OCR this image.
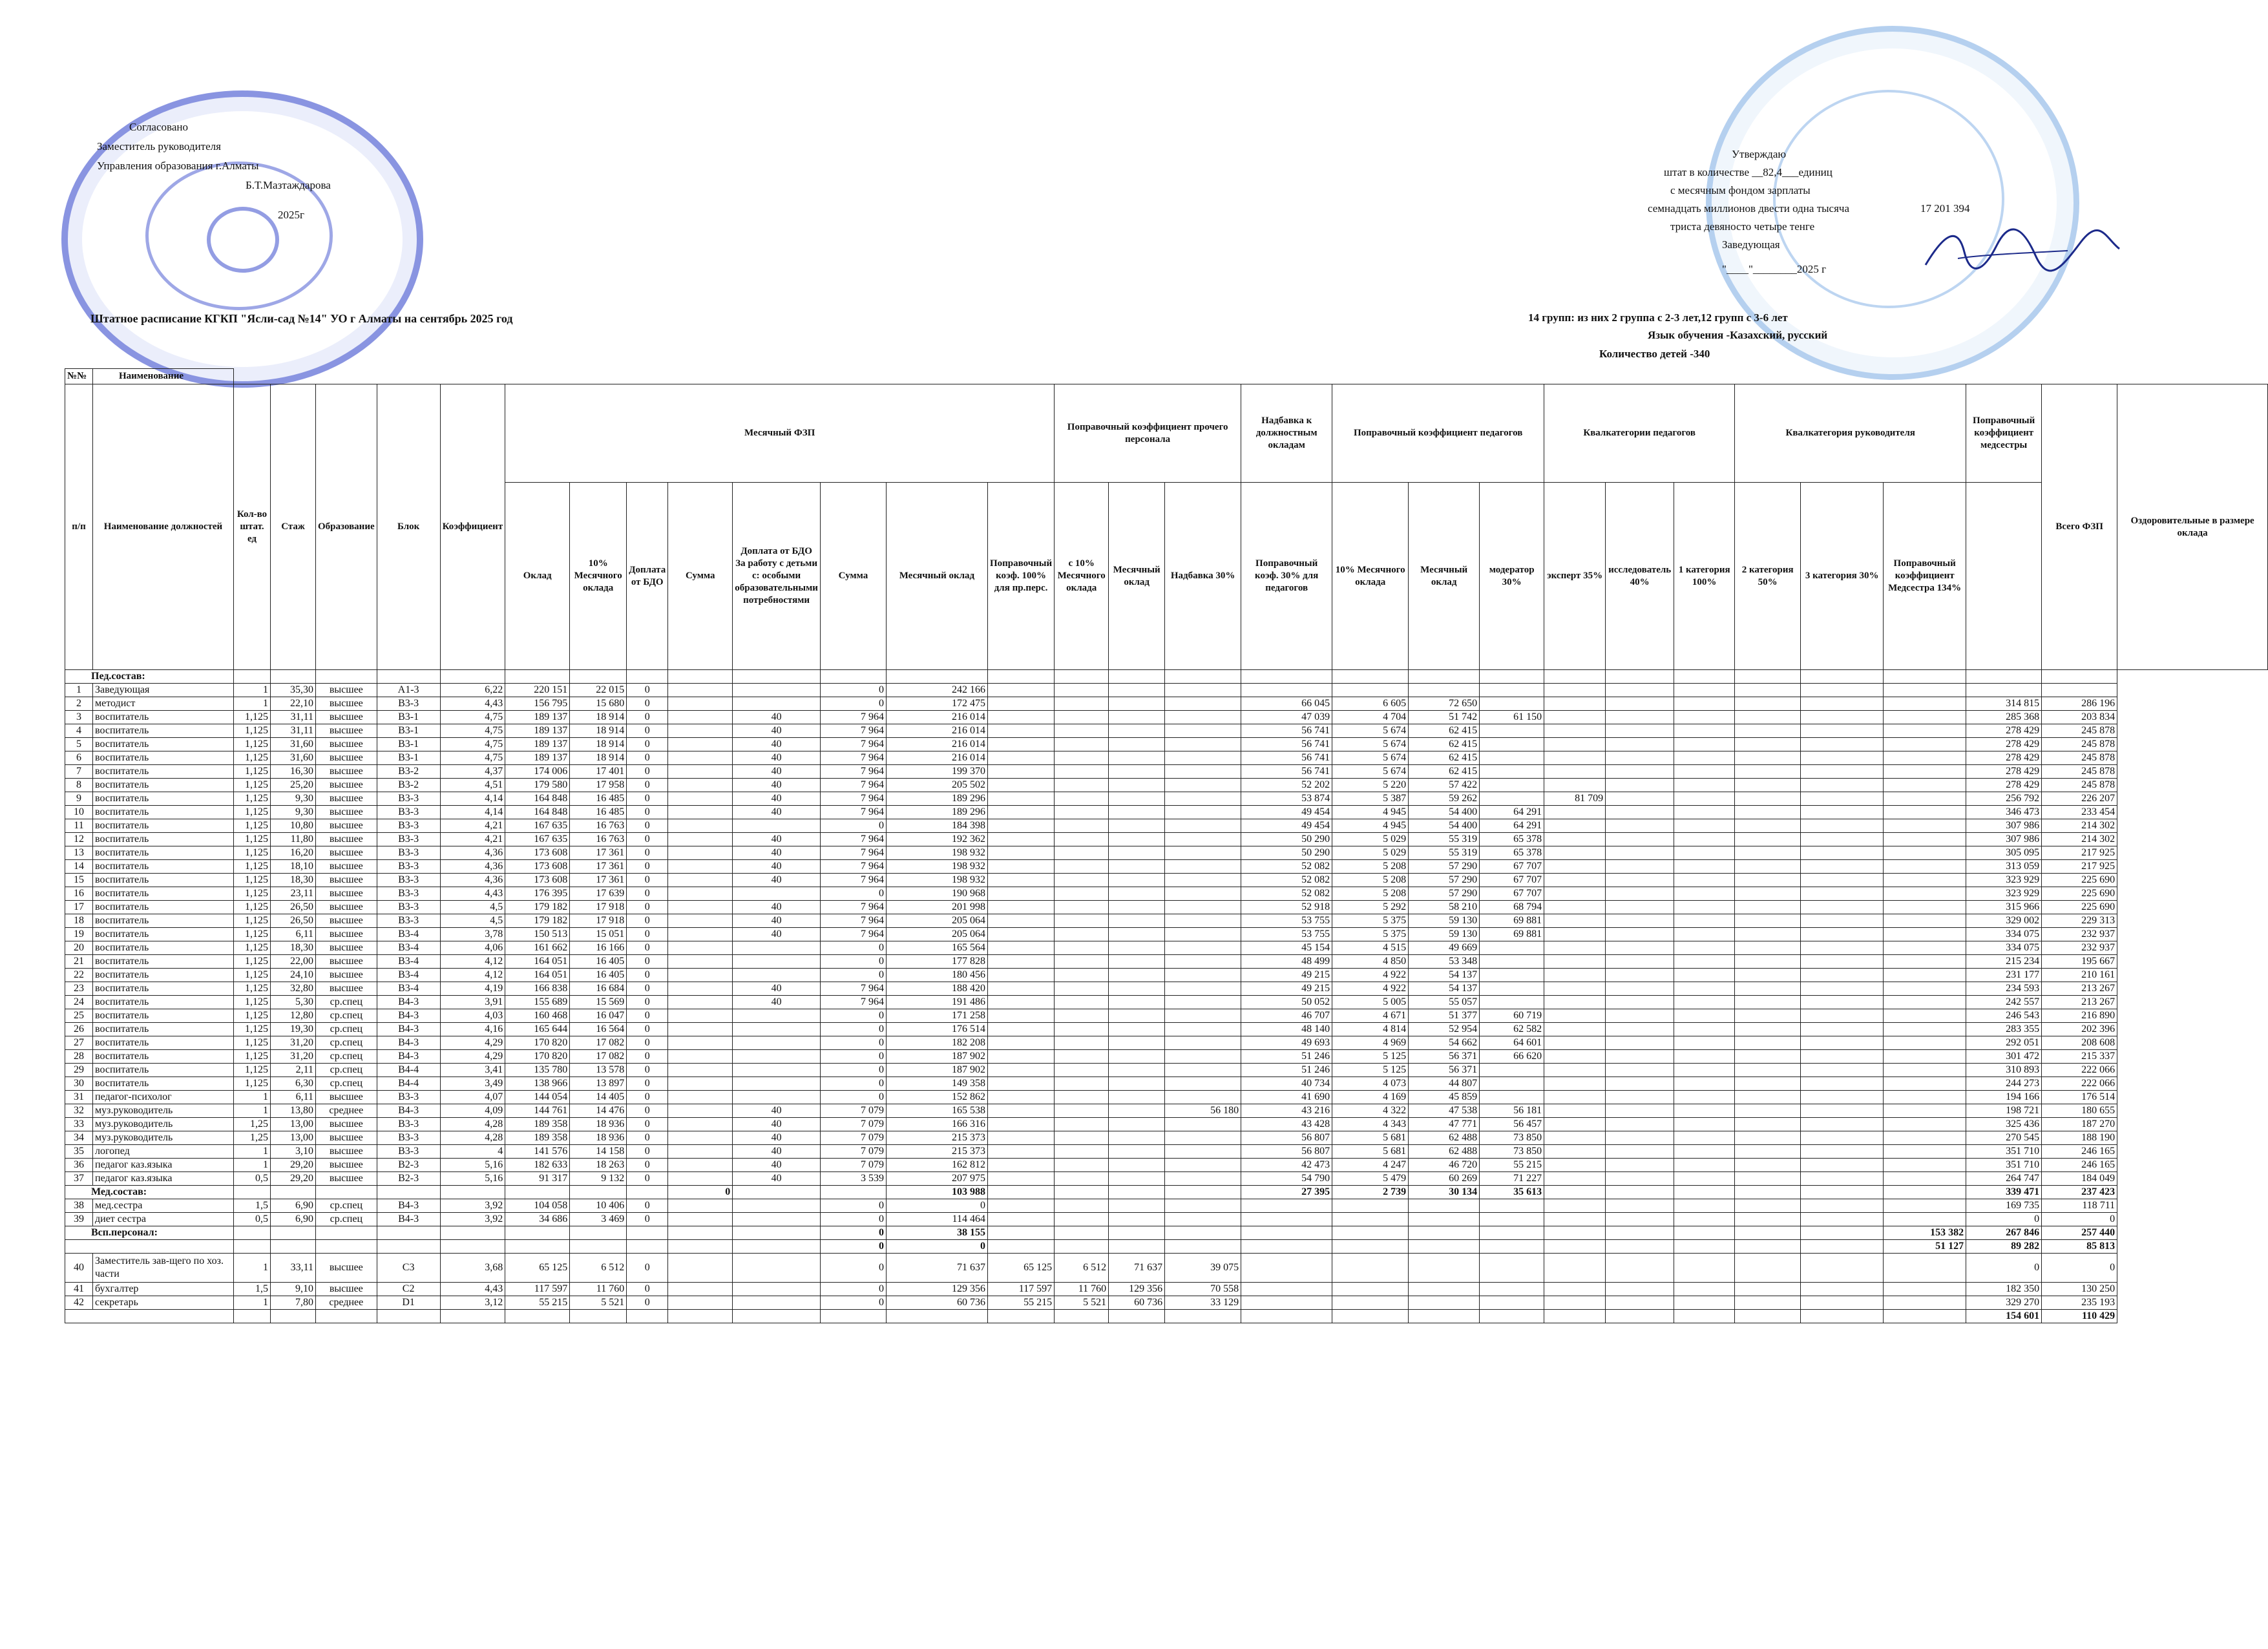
Согласовано
Заместитель руководителя
Управления образования г.Алматы
Б.Т.Мазтаждарова
2025г
Утверждаю
штат в количестве __82,4___единиц
с месячным фондом зарплаты
семнадцать миллионов двести одна тысяча	17 201 394
триста девяносто четыре тенге
Заведующая
"____"________2025 г
Штатное расписание КГКП "Ясли-сад №14" УО г Алматы на сентябрь 2025 год	14 групп: из них 2 группа с 2-3 лет,12 групп с 3-6 лет
Язык обучения -Казахский, русский
Количество детей -340
№№	Наименование																													
п/п	Наименование должностей	Кол-во штат. ед	Стаж	Образование	Блок	Коэффициент	Месячный ФЗП								Поправочный коэффициент прочего персонала			Надбавка к должностным окладам	Поправочный коэффициент педагогов			Квалкатегории педагогов			Квалкатегория руководителя			Поправочный коэффициент медсестры	Всего ФЗП	Оздоровительные в размере оклада
							Оклад	10% Месячного оклада	Доплата от БДО	Сумма	Доплата от БДО За работу с детьми с: особыми образовательными потребностями	Сумма	Месячный оклад	Поправочный коэф. 100% для пр.перс.	с 10% Месячного оклада	Месячный оклад	Надбавка 30%	Поправочный коэф. 30% для педагогов	10% Месячного оклада	Месячный оклад	модератор 30%	эксперт 35%	исследователь 40%	1 категория 100%	2 категория 50%	3 категория 30%	Поправочный коэффициент Медсестра 134%			
Пед.состав:																														
1	Заведующая	1	35,30	высшее	А1-3	6,22	220 151	22 015	0			0	242 166																	
2	методист	1	22,10	высшее	В3-3	4,43	156 795	15 680	0			0	172 475					66 045	6 605	72 650								314 815	286 196	
3	воспитатель	1,125	31,11	высшее	В3-1	4,75	189 137	18 914	0		40	7 964	216 014					47 039	4 704	51 742	61 150							285 368	203 834	
4	воспитатель	1,125	31,11	высшее	В3-1	4,75	189 137	18 914	0		40	7 964	216 014					56 741	5 674	62 415								278 429	245 878	
5	воспитатель	1,125	31,60	высшее	В3-1	4,75	189 137	18 914	0		40	7 964	216 014					56 741	5 674	62 415								278 429	245 878	
6	воспитатель	1,125	31,60	высшее	В3-1	4,75	189 137	18 914	0		40	7 964	216 014					56 741	5 674	62 415								278 429	245 878	
7	воспитатель	1,125	16,30	высшее	В3-2	4,37	174 006	17 401	0		40	7 964	199 370					56 741	5 674	62 415								278 429	245 878	
8	воспитатель	1,125	25,20	высшее	В3-2	4,51	179 580	17 958	0		40	7 964	205 502					52 202	5 220	57 422								278 429	245 878	
9	воспитатель	1,125	9,30	высшее	В3-3	4,14	164 848	16 485	0		40	7 964	189 296					53 874	5 387	59 262		81 709						256 792	226 207	
10	воспитатель	1,125	9,30	высшее	В3-3	4,14	164 848	16 485	0		40	7 964	189 296					49 454	4 945	54 400	64 291							346 473	233 454	
11	воспитатель	1,125	10,80	высшее	В3-3	4,21	167 635	16 763	0			0	184 398					49 454	4 945	54 400	64 291							307 986	214 302	
12	воспитатель	1,125	11,80	высшее	В3-3	4,21	167 635	16 763	0		40	7 964	192 362					50 290	5 029	55 319	65 378							307 986	214 302	
13	воспитатель	1,125	16,20	высшее	В3-3	4,36	173 608	17 361	0		40	7 964	198 932					50 290	5 029	55 319	65 378							305 095	217 925	
14	воспитатель	1,125	18,10	высшее	В3-3	4,36	173 608	17 361	0		40	7 964	198 932					52 082	5 208	57 290	67 707							313 059	217 925	
15	воспитатель	1,125	18,30	высшее	В3-3	4,36	173 608	17 361	0		40	7 964	198 932					52 082	5 208	57 290	67 707							323 929	225 690	
16	воспитатель	1,125	23,11	высшее	В3-3	4,43	176 395	17 639	0			0	190 968					52 082	5 208	57 290	67 707							323 929	225 690	
17	воспитатель	1,125	26,50	высшее	В3-3	4,5	179 182	17 918	0		40	7 964	201 998					52 918	5 292	58 210	68 794							315 966	225 690	
18	воспитатель	1,125	26,50	высшее	В3-3	4,5	179 182	17 918	0		40	7 964	205 064					53 755	5 375	59 130	69 881							329 002	229 313	
19	воспитатель	1,125	6,11	высшее	В3-4	3,78	150 513	15 051	0		40	7 964	205 064					53 755	5 375	59 130	69 881							334 075	232 937	
20	воспитатель	1,125	18,30	высшее	В3-4	4,06	161 662	16 166	0			0	165 564					45 154	4 515	49 669								334 075	232 937	
21	воспитатель	1,125	22,00	высшее	В3-4	4,12	164 051	16 405	0			0	177 828					48 499	4 850	53 348								215 234	195 667	
22	воспитатель	1,125	24,10	высшее	В3-4	4,12	164 051	16 405	0			0	180 456					49 215	4 922	54 137								231 177	210 161	
23	воспитатель	1,125	32,80	высшее	В3-4	4,19	166 838	16 684	0		40	7 964	188 420					49 215	4 922	54 137								234 593	213 267	
24	воспитатель	1,125	5,30	ср.спец	В4-3	3,91	155 689	15 569	0		40	7 964	191 486					50 052	5 005	55 057								242 557	213 267	
25	воспитатель	1,125	12,80	ср.спец	В4-3	4,03	160 468	16 047	0			0	171 258					46 707	4 671	51 377	60 719							246 543	216 890	
26	воспитатель	1,125	19,30	ср.спец	В4-3	4,16	165 644	16 564	0			0	176 514					48 140	4 814	52 954	62 582							283 355	202 396	
27	воспитатель	1,125	31,20	ср.спец	В4-3	4,29	170 820	17 082	0			0	182 208					49 693	4 969	54 662	64 601							292 051	208 608	
28	воспитатель	1,125	31,20	ср.спец	В4-3	4,29	170 820	17 082	0			0	187 902					51 246	5 125	56 371	66 620							301 472	215 337	
29	воспитатель	1,125	2,11	ср.спец	В4-4	3,41	135 780	13 578	0			0	187 902					51 246	5 125	56 371								310 893	222 066	
30	воспитатель	1,125	6,30	ср.спец	В4-4	3,49	138 966	13 897	0			0	149 358					40 734	4 073	44 807								244 273	222 066	
31	педагог-психолог	1	6,11	высшее	В3-3	4,07	144 054	14 405	0			0	152 862					41 690	4 169	45 859								194 166	176 514	
32	муз.руководитель	1	13,80	среднее	В4-3	4,09	144 761	14 476	0		40	7 079	165 538				56 180	43 216	4 322	47 538	56 181							198 721	180 655	
33	муз.руководитель	1,25	13,00	высшее	В3-3	4,28	189 358	18 936	0		40	7 079	166 316					43 428	4 343	47 771	56 457							325 436	187 270	
34	муз.руководитель	1,25	13,00	высшее	В3-3	4,28	189 358	18 936	0		40	7 079	215 373					56 807	5 681	62 488	73 850							270 545	188 190	
35	логопед	1	3,10	высшее	В3-3	4	141 576	14 158	0		40	7 079	215 373					56 807	5 681	62 488	73 850							351 710	246 165	
36	педагог каз.языка	1	29,20	высшее	В2-3	5,16	182 633	18 263	0		40	7 079	162 812					42 473	4 247	46 720	55 215							351 710	246 165	
37	педагог каз.языка	0,5	29,20	высшее	В2-3	5,16	91 317	9 132	0		40	3 539	207 975					54 790	5 479	60 269	71 227							264 747	184 049	
Мед.состав:										0			103 988					27 395	2 739	30 134	35 613							339 471	237 423	
38	мед.сестра	1,5	6,90	ср.спец	В4-3	3,92	104 058	10 406	0			0	0															169 735	118 711	
39	диет сестра	0,5	6,90	ср.спец	В4-3	3,92	34 686	3 469	0			0	114 464															0	0	
Всп.персонал:												0	38 155														153 382	267 846	257 440	
												0	0														51 127	89 282	85 813	
40	Заместитель зав-щего по хоз. части	1	33,11	высшее	С3	3,68	65 125	6 512	0			0	71 637	65 125	6 512	71 637	39 075											0	0	
41	бухгалтер	1,5	9,10	высшее	С2	4,43	117 597	11 760	0			0	129 356	117 597	11 760	129 356	70 558											182 350	130 250	
42	секретарь	1	7,80	среднее	D1	3,12	55 215	5 521	0			0	60 736	55 215	5 521	60 736	33 129											329 270	235 193	
																												154 601	110 429	
